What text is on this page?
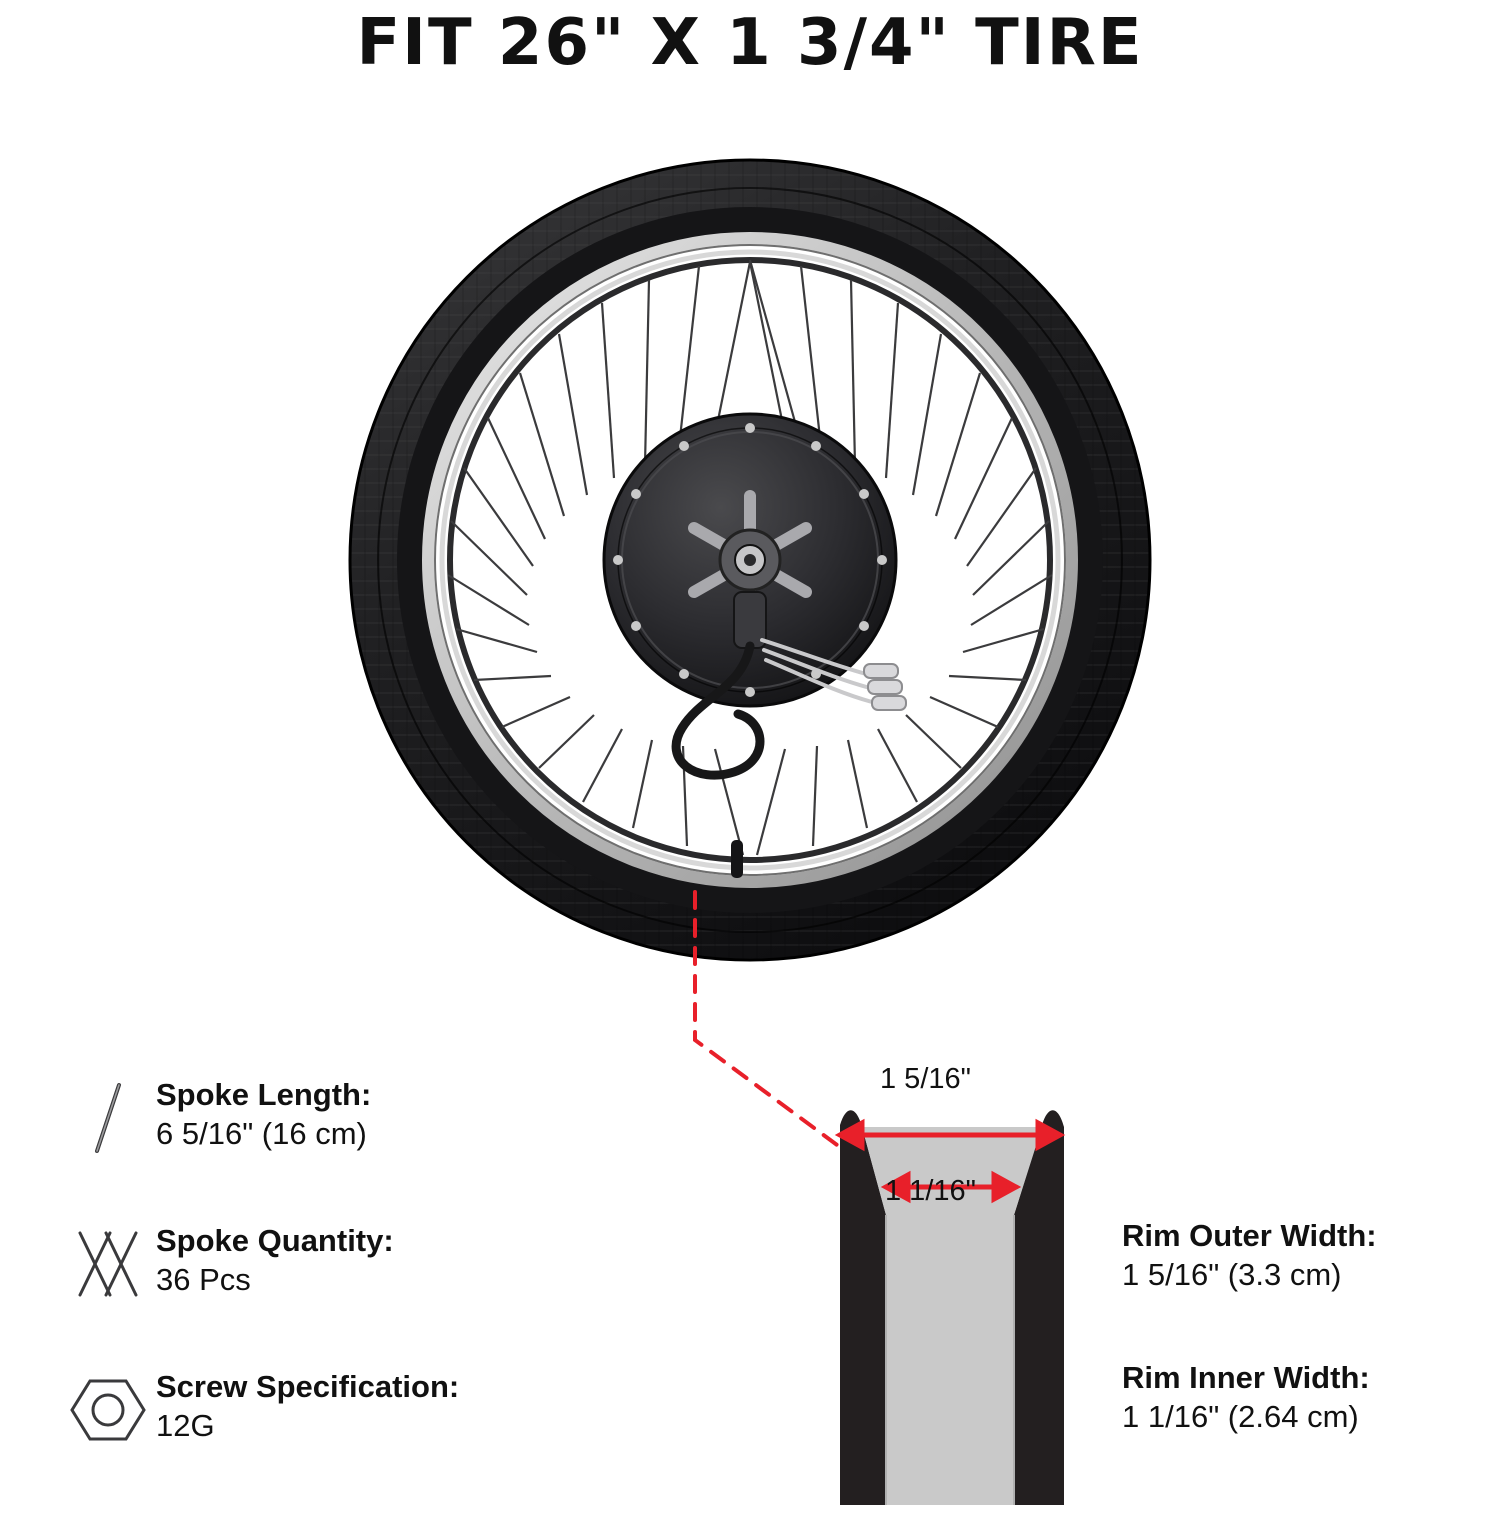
FIT 26" X 1 3/4" TIRE
Spoke Length:
6 5/16" (16 cm)
Spoke Quantity:
36 Pcs
Screw Specification:
12G
1 5/16"
1 1/16"
Rim Outer Width:
1 5/16" (3.3 cm)
Rim Inner Width:
1 1/16" (2.64 cm)
